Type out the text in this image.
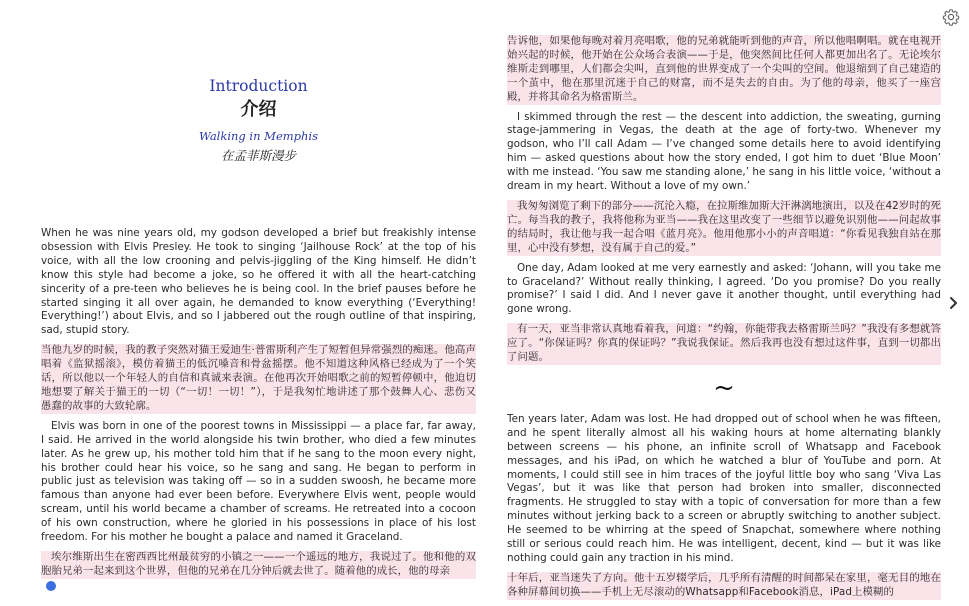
Introduction
介绍
Walking in Memphis
在孟菲斯漫步

When he was nine years old, my godson developed a brief but freakishly intense obsession with Elvis Presley. He took to singing ‘Jailhouse Rock’ at the top of his voice, with all the low crooning and pelvis-jiggling of the King himself. He didn’t know this style had become a joke, so he offered it with all the heart-catching sincerity of a pre-teen who believes he is being cool. In the brief pauses before he started singing it all over again, he demanded to know everything (‘Everything! Everything!’) about Elvis, and so I jabbered out the rough outline of that inspiring, sad, stupid story.

当他九岁的时候，我的教子突然对猫王爱迪生·普雷斯利产生了短暂但异常强烈的痴迷。他高声唱着《监狱摇滚》，模仿着猫王的低沉嗓音和骨盆摇摆。他不知道这种风格已经成为了一个笑话，所以他以一个年轻人的自信和真诚来表演。在他再次开始唱歌之前的短暂停顿中，他迫切地想要了解关于猫王的一切（“一切！一切！”），于是我匆忙地讲述了那个鼓舞人心、悲伤又愚蠢的故事的大致轮廓。

Elvis was born in one of the poorest towns in Mississippi — a place far, far away, I said. He arrived in the world alongside his twin brother, who died a few minutes later. As he grew up, his mother told him that if he sang to the moon every night, his brother could hear his voice, so he sang and sang. He began to perform in public just as television was taking off — so in a sudden swoosh, he became more famous than anyone had ever been before. Everywhere Elvis went, people would scream, until his world became a chamber of screams. He retreated into a cocoon of his own construction, where he gloried in his possessions in place of his lost freedom. For his mother he bought a palace and named it Graceland.

埃尔维斯出生在密西西比州最贫穷的小镇之一——一个遥远的地方，我说过了。他和他的双胞胎兄弟一起来到这个世界，但他的兄弟在几分钟后就去世了。随着他的成长，他的母亲

告诉他，如果他每晚对着月亮唱歌，他的兄弟就能听到他的声音，所以他唱啊唱。就在电视开始兴起的时候，他开始在公众场合表演——于是，他突然间比任何人都更加出名了。无论埃尔维斯走到哪里，人们都会尖叫，直到他的世界变成了一个尖叫的空间。他退缩到了自己建造的一个茧中，他在那里沉迷于自己的财富，而不是失去的自由。为了他的母亲，他买了一座宫殿，并将其命名为格雷斯兰。

I skimmed through the rest — the descent into addiction, the sweating, gurning stage-jammering in Vegas, the death at the age of forty-two. Whenever my godson, who I’ll call Adam — I’ve changed some details here to avoid identifying him — asked questions about how the story ended, I got him to duet ‘Blue Moon’ with me instead. ‘You saw me standing alone,’ he sang in his little voice, ‘without a dream in my heart. Without a love of my own.’

我匆匆浏览了剩下的部分——沉沦入瘾，在拉斯维加斯大汗淋漓地演出，以及在42岁时的死亡。每当我的教子，我将他称为亚当——我在这里改变了一些细节以避免识别他——问起故事的结局时，我让他与我一起合唱《蓝月亮》。他用他那小小的声音唱道：“你看见我独自站在那里，心中没有梦想，没有属于自己的爱。”

One day, Adam looked at me very earnestly and asked: ‘Johann, will you take me to Graceland?’ Without really thinking, I agreed. ‘Do you promise? Do you really promise?’ I said I did. And I never gave it another thought, until everything had gone wrong.

有一天，亚当非常认真地看着我，问道：“约翰，你能带我去格雷斯兰吗？”我没有多想就答应了。“你保证吗？你真的保证吗？”我说我保证。然后我再也没有想过这件事，直到一切都出了问题。

~

Ten years later, Adam was lost. He had dropped out of school when he was fifteen, and he spent literally almost all his waking hours at home alternating blankly between screens — his phone, an infinite scroll of Whatsapp and Facebook messages, and his iPad, on which he watched a blur of YouTube and porn. At moments, I could still see in him traces of the joyful little boy who sang ‘Viva Las Vegas’, but it was like that person had broken into smaller, disconnected fragments. He struggled to stay with a topic of conversation for more than a few minutes without jerking back to a screen or abruptly switching to another subject. He seemed to be whirring at the speed of Snapchat, somewhere where nothing still or serious could reach him. He was intelligent, decent, kind — but it was like nothing could gain any traction in his mind.

十年后，亚当迷失了方向。他十五岁辍学后，几乎所有清醒的时间都呆在家里，毫无目的地在各种屏幕间切换——手机上无尽滚动的Whatsapp和Facebook消息，iPad上模糊的
